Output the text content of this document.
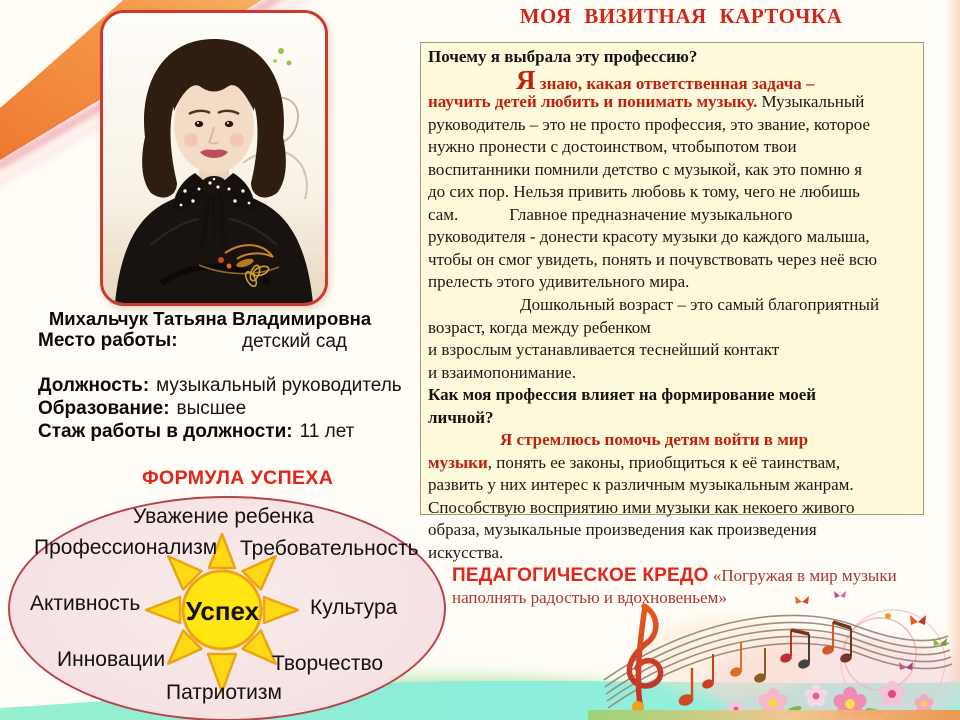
МОЯ ВИЗИТНАЯ КАРТОЧКА
Михальчук Татьяна Владимировна
Место работы:	детский сад
Должность: музыкальный руководитель
Образование: высшее
Стаж работы в должности: 11 лет
ФОРМУЛА УСПЕХА
Успех
Уважение ребенка
Профессионализм Требовательность
Активность	Культура
Инновации	Творчество
Патриотизм
Почему я выбрала эту профессию?
Я знаю, какая ответственная задача –
научить детей любить и понимать музыку. Музыкальный
руководитель – это не просто профессия, это звание, которое
нужно пронести с достоинством, чтобыпотом твои
воспитанники помнили детство с музыкой, как это помню я
до сих пор. Нельзя привить любовь к тому, чего не любишь
сам.            Главное предназначение музыкального
руководителя - донести красоту музыки до каждого малыша,
чтобы он смог увидеть, понять и почувствовать через неё всю
прелесть этого удивительного мира.
Дошкольный возраст – это самый благоприятный
возраст, когда между ребенком
и взрослым устанавливается теснейший контакт
и взаимопонимание.
Как моя профессия влияет на формирование моей
личной?
Я стремлюсь помочь детям войти в мир
музыки, понять ее законы, приобщиться к её таинствам,
развить у них интерес к различным музыкальным жанрам.
Способствую восприятию ими музыки как некоего живого
образа, музыкальные произведения как произведения
искусства.
ПЕДАГОГИЧЕСКОЕ КРЕДО «Погружая в мир музыки
наполнять радостью и вдохновеньем»
